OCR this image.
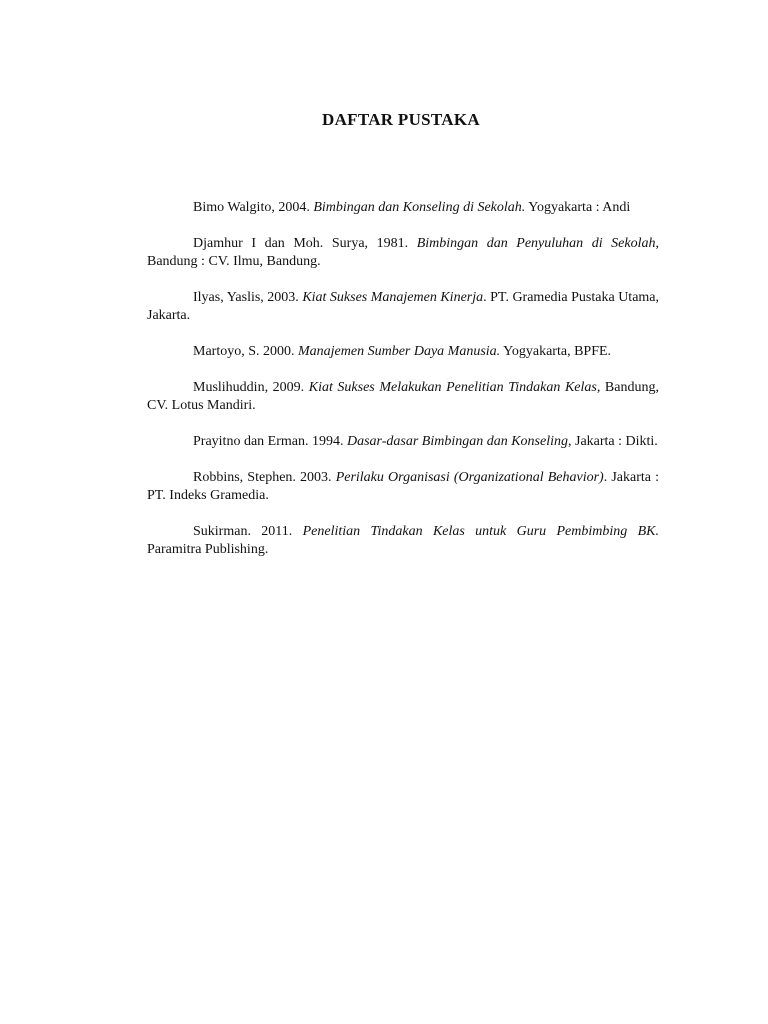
DAFTAR PUSTAKA

Bimo Walgito, 2004. Bimbingan dan Konseling di Sekolah. Yogyakarta : Andi

Djamhur I dan Moh. Surya, 1981. Bimbingan dan Penyuluhan di Sekolah, Bandung : CV. Ilmu, Bandung.

Ilyas, Yaslis, 2003. Kiat Sukses Manajemen Kinerja. PT. Gramedia Pustaka Utama, Jakarta.

Martoyo, S. 2000. Manajemen Sumber Daya Manusia. Yogyakarta, BPFE.

Muslihuddin, 2009. Kiat Sukses Melakukan Penelitian Tindakan Kelas, Bandung, CV. Lotus Mandiri.

Prayitno dan Erman. 1994. Dasar-dasar Bimbingan dan Konseling, Jakarta : Dikti.

Robbins, Stephen. 2003. Perilaku Organisasi (Organizational Behavior). Jakarta : PT. Indeks Gramedia.

Sukirman. 2011. Penelitian Tindakan Kelas untuk Guru Pembimbing BK. Paramitra Publishing.
